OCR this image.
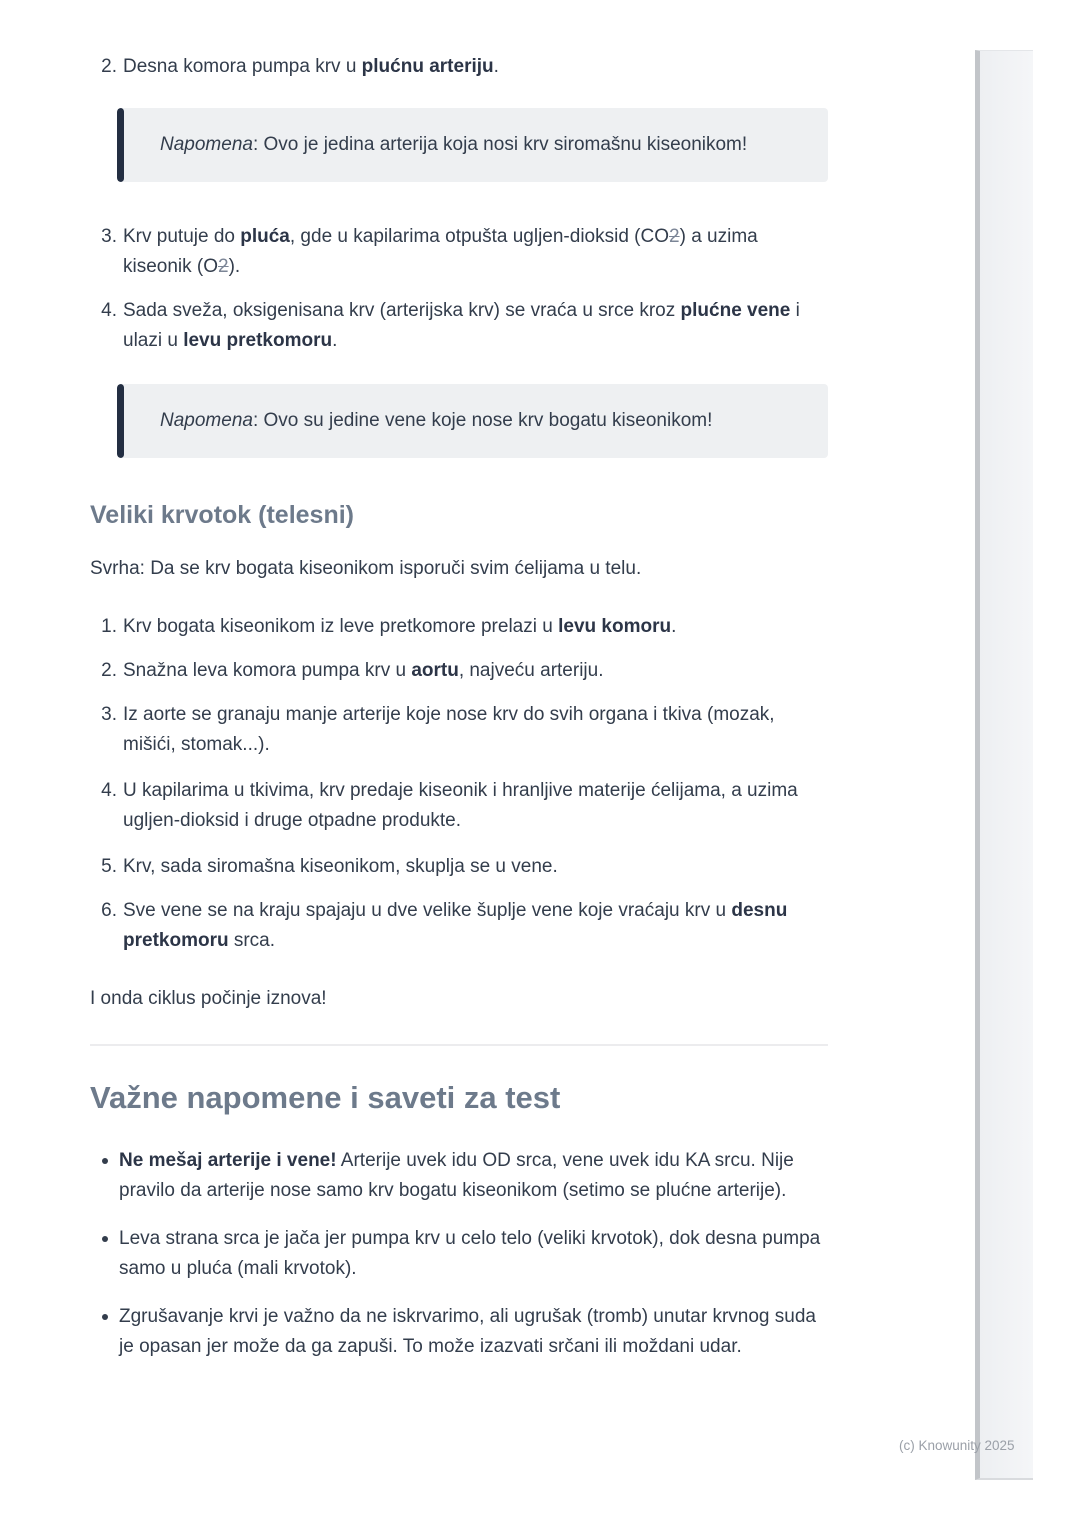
2. Desna komora pumpa krv u plućnu arteriju.
Napomena: Ovo je jedina arterija koja nosi krv siromašnu kiseonikom!
3. Krv putuje do pluća, gde u kapilarima otpušta ugljen-dioksid (CO2) a uzima kiseonik (O2).
4. Sada sveža, oksigenisana krv (arterijska krv) se vraća u srce kroz plućne vene i ulazi u levu pretkomoru.
Napomena: Ovo su jedine vene koje nose krv bogatu kiseonikom!
Veliki krvotok (telesni)

Svrha: Da se krv bogata kiseonikom isporuči svim ćelijama u telu.

1. Krv bogata kiseonikom iz leve pretkomore prelazi u levu komoru.
2. Snažna leva komora pumpa krv u aortu, najveću arteriju.
3. Iz aorte se granaju manje arterije koje nose krv do svih organa i tkiva (mozak, mišići, stomak...).
4. U kapilarima u tkivima, krv predaje kiseonik i hranljive materije ćelijama, a uzima ugljen-dioksid i druge otpadne produkte.
5. Krv, sada siromašna kiseonikom, skuplja se u vene.
6. Sve vene se na kraju spajaju u dve velike šuplje vene koje vraćaju krv u desnu pretkomoru srca.

I onda ciklus počinje iznova!

Važne napomene i saveti za test
Ne mešaj arterije i vene! Arterije uvek idu OD srca, vene uvek idu KA srcu. Nije pravilo da arterije nose samo krv bogatu kiseonikom (setimo se plućne arterije).
Leva strana srca je jača jer pumpa krv u celo telo (veliki krvotok), dok desna pumpa samo u pluća (mali krvotok).
Zgrušavanje krvi je važno da ne iskrvarimo, ali ugrušak (tromb) unutar krvnog suda je opasan jer može da ga zapuši. To može izazvati srčani ili moždani udar.
(c) Knowunity 2025
